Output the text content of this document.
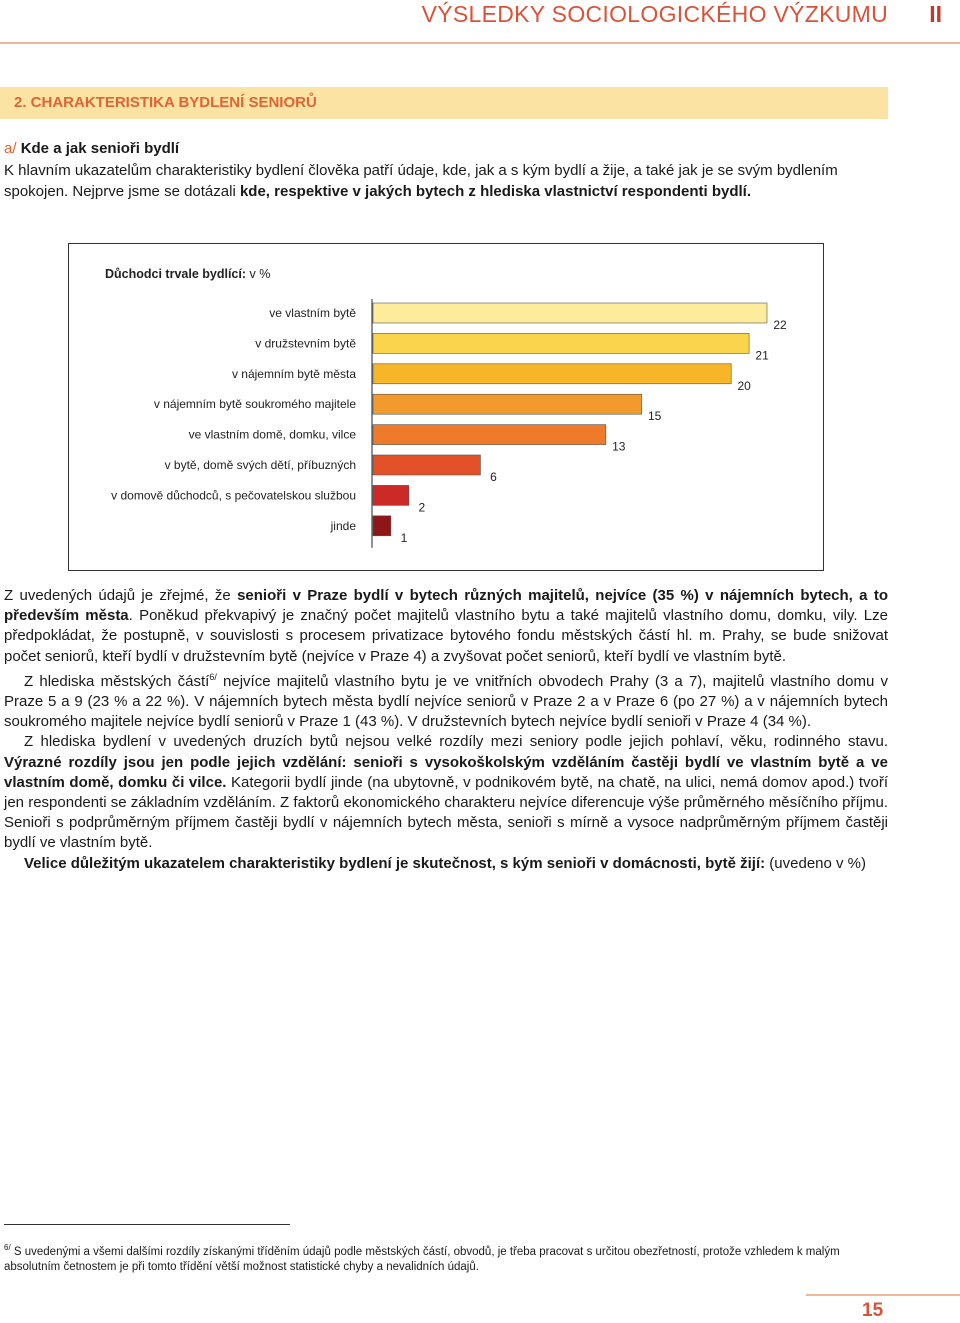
VÝSLEDKY SOCIOLOGICKÉHO VÝZKUMU II
2. CHARAKTERISTIKA BYDLENÍ SENIORŮ
a/ Kde a jak senioři bydlí
K hlavním ukazatelům charakteristiky bydlení člověka patří údaje, kde, jak a s kým bydlí a žije, a také jak je se svým bydlením spokojen. Nejprve jsme se dotázali kde, respektive v jakých bytech z hlediska vlastnictví respondenti bydlí.
Důchodci trvale bydlící: v %
ve vlastním bytě
22
v družstevním bytě
21
v nájemním bytě města
20
v nájemním bytě soukromého majitele
15
ve vlastním domě, domku, vilce
13
v bytě, domě svých dětí, příbuzných
6
v domově důchodců, s pečovatelskou službou
2
jinde
1

Z uvedených údajů je zřejmé, že senioři v Praze bydlí v bytech různých majitelů, nejvíce (35 %) v nájemních bytech, a to především města. Poněkud překvapivý je značný počet majitelů vlastního bytu a také majitelů vlastního domu, domku, vily. Lze předpokládat, že postupně, v souvislosti s procesem privatizace bytového fondu městských částí hl. m. Prahy, se bude snižovat počet seniorů, kteří bydlí v družstevním bytě (nejvíce v Praze 4) a zvyšovat počet seniorů, kteří bydlí ve vlastním bytě.

Z hlediska městských částí$^{6/}$ nejvíce majitelů vlastního bytu je ve vnitřních obvodech Prahy (3 a 7), majitelů vlastního domu v Praze 5 a 9 (23 % a 22 %). V nájemních bytech města bydlí nejvíce seniorů v Praze 2 a v Praze 6 (po 27 %) a v nájemních bytech soukromého majitele nejvíce bydlí seniorů v Praze 1 (43 %). V družstevních bytech nejvíce bydlí senioři v Praze 4 (34 %).

Z hlediska bydlení v uvedených druzích bytů nejsou velké rozdíly mezi seniory podle jejich pohlaví, věku, rodinného stavu. Výrazné rozdíly jsou jen podle jejich vzdělání: senioři s vysokoškolským vzděláním častěji bydlí ve vlastním bytě a ve vlastním domě, domku či vilce. Kategorii bydlí jinde (na ubytovně, v podnikovém bytě, na chatě, na ulici, nemá domov apod.) tvoří jen respondenti se základním vzděláním. Z faktorů ekonomického charakteru nejvíce diferencuje výše průměrného měsíčního příjmu. Senioři s podprůměrným příjmem častěji bydlí v nájemních bytech města, senioři s mírně a vysoce nadprůměrným příjmem častěji bydlí ve vlastním bytě.

Velice důležitým ukazatelem charakteristiky bydlení je skutečnost, s kým senioři v domácnosti, bytě žijí: (uvedeno v %)

$^{6/}$ S uvedenými a všemi dalšími rozdíly získanými tříděním údajů podle městských částí, obvodů, je třeba pracovat s určitou obezřetností, protože vzhledem k malým absolutním četnostem je při tomto třídění větší možnost statistické chyby a nevalidních údajů.
15
